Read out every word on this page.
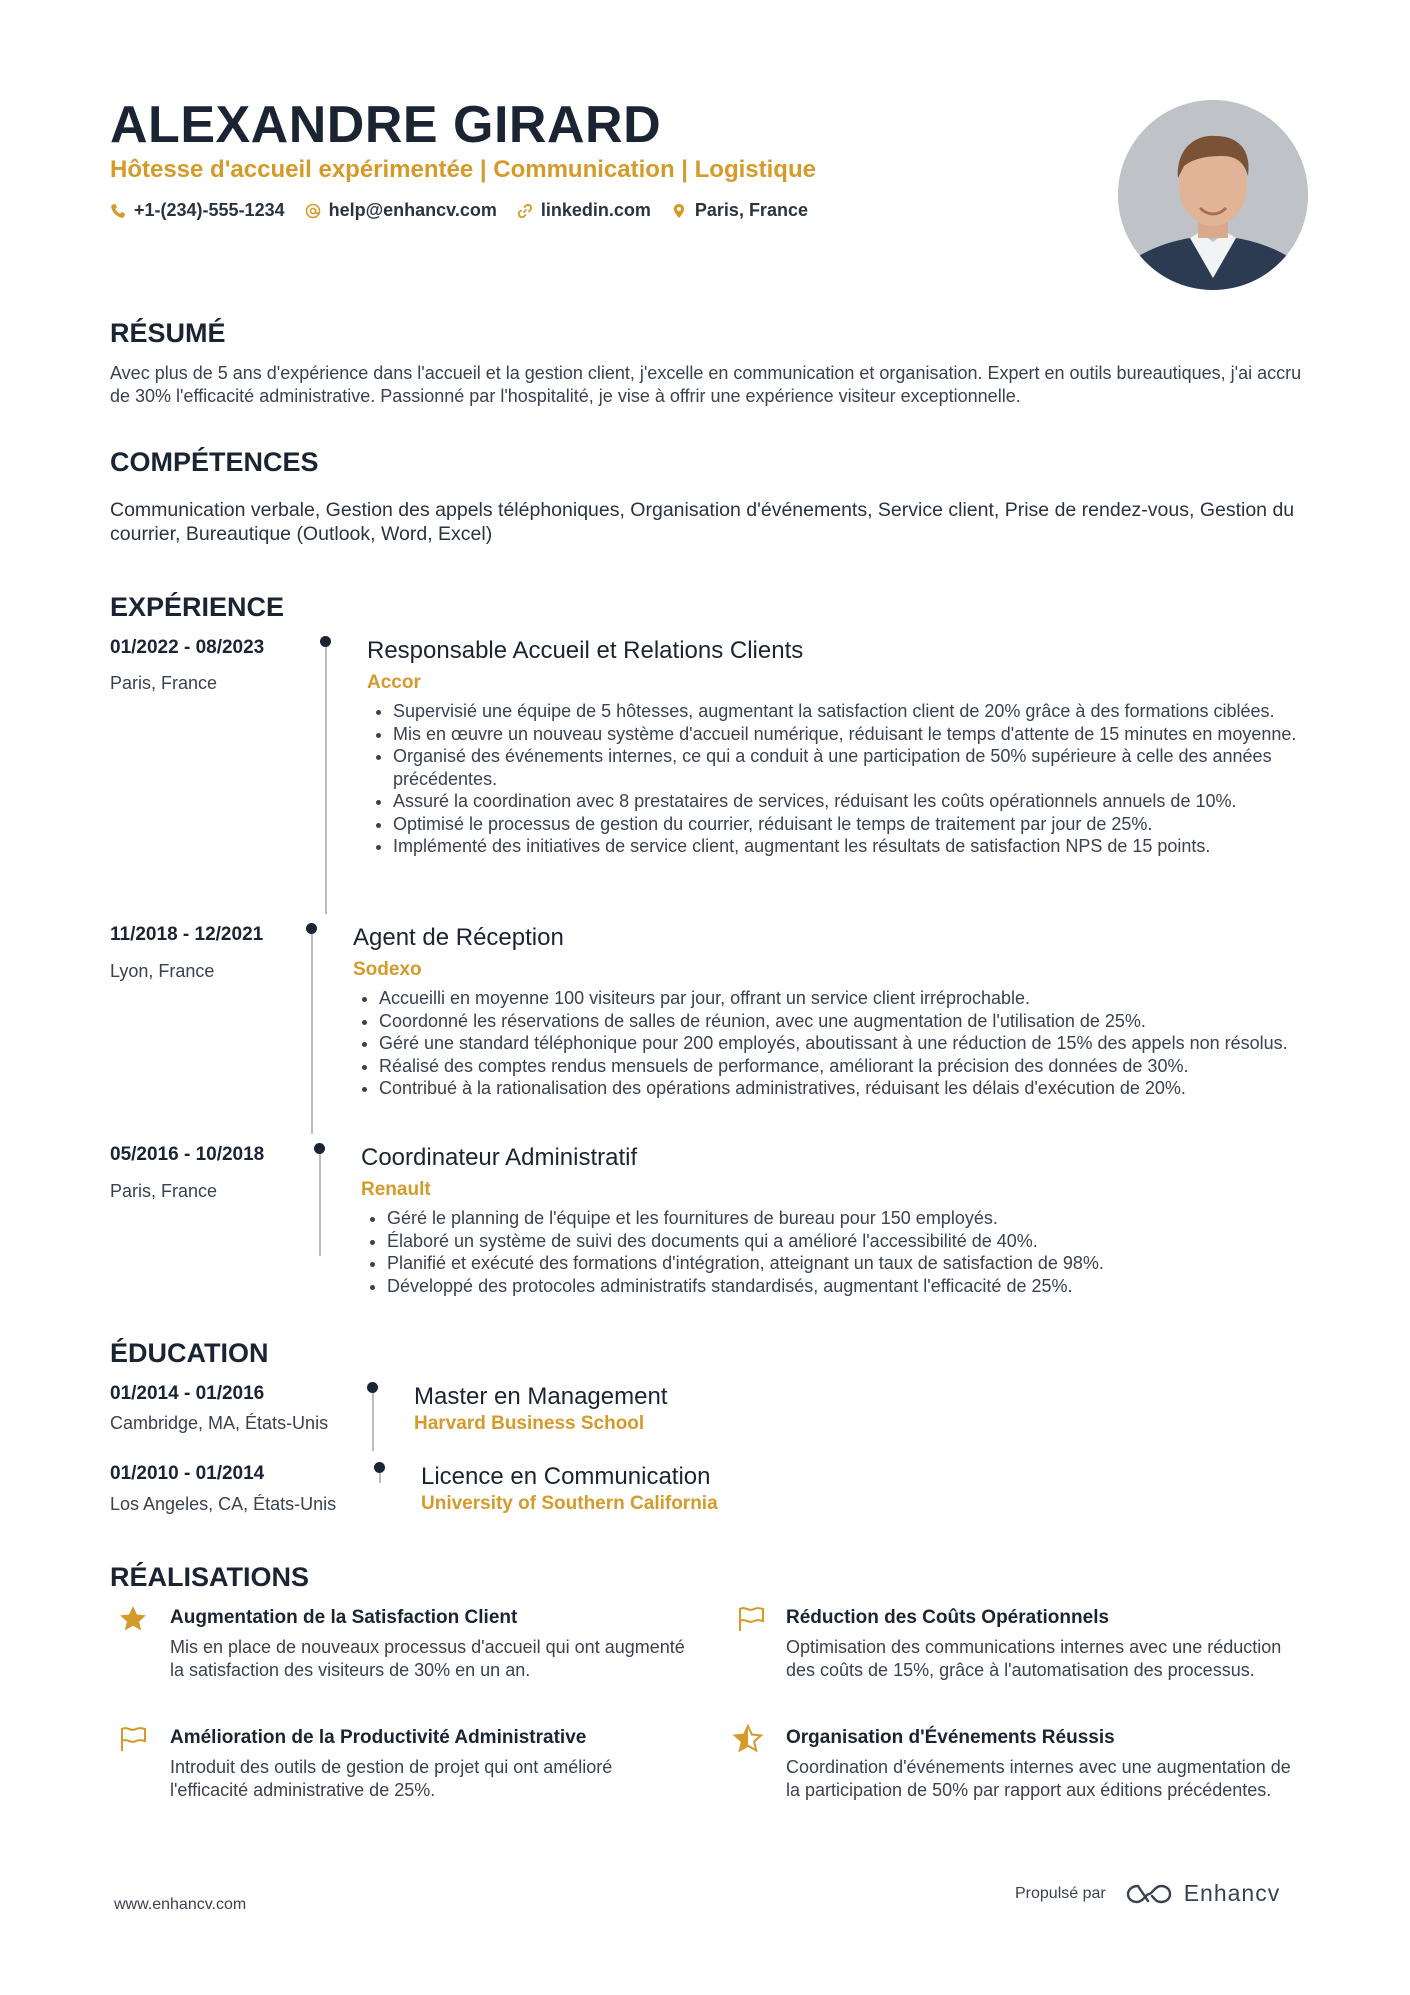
ALEXANDRE GIRARD
Hôtesse d'accueil expérimentée | Communication | Logistique
+1-(234)-555-1234 help@enhancv.com linkedin.com Paris, France
RÉSUMÉ
Avec plus de 5 ans d'expérience dans l'accueil et la gestion client, j'excelle en communication et organisation. Expert en outils bureautiques, j'ai accru de 30% l'efficacité administrative. Passionné par l'hospitalité, je vise à offrir une expérience visiteur exceptionnelle.
COMPÉTENCES
Communication verbale, Gestion des appels téléphoniques, Organisation d'événements, Service client, Prise de rendez-vous, Gestion du courrier, Bureautique (Outlook, Word, Excel)
EXPÉRIENCE
01/2022 - 08/2023
Paris, France
Responsable Accueil et Relations Clients
Accor
• Supervisié une équipe de 5 hôtesses, augmentant la satisfaction client de 20% grâce à des formations ciblées.
• Mis en œuvre un nouveau système d'accueil numérique, réduisant le temps d'attente de 15 minutes en moyenne.
• Organisé des événements internes, ce qui a conduit à une participation de 50% supérieure à celle des années précédentes.
• Assuré la coordination avec 8 prestataires de services, réduisant les coûts opérationnels annuels de 10%.
• Optimisé le processus de gestion du courrier, réduisant le temps de traitement par jour de 25%.
• Implémenté des initiatives de service client, augmentant les résultats de satisfaction NPS de 15 points.
11/2018 - 12/2021
Lyon, France
Agent de Réception
Sodexo
• Accueilli en moyenne 100 visiteurs par jour, offrant un service client irréprochable.
• Coordonné les réservations de salles de réunion, avec une augmentation de l'utilisation de 25%.
• Géré une standard téléphonique pour 200 employés, aboutissant à une réduction de 15% des appels non résolus.
• Réalisé des comptes rendus mensuels de performance, améliorant la précision des données de 30%.
• Contribué à la rationalisation des opérations administratives, réduisant les délais d'exécution de 20%.
05/2016 - 10/2018
Paris, France
Coordinateur Administratif
Renault
• Géré le planning de l'équipe et les fournitures de bureau pour 150 employés.
• Élaboré un système de suivi des documents qui a amélioré l'accessibilité de 40%.
• Planifié et exécuté des formations d'intégration, atteignant un taux de satisfaction de 98%.
• Développé des protocoles administratifs standardisés, augmentant l'efficacité de 25%.
ÉDUCATION
01/2014 - 01/2016
Cambridge, MA, États-Unis
Master en Management
Harvard Business School
01/2010 - 01/2014
Los Angeles, CA, États-Unis
Licence en Communication
University of Southern California
RÉALISATIONS
Augmentation de la Satisfaction Client
Mis en place de nouveaux processus d'accueil qui ont augmenté la satisfaction des visiteurs de 30% en un an.
Réduction des Coûts Opérationnels
Optimisation des communications internes avec une réduction des coûts de 15%, grâce à l'automatisation des processus.
Amélioration de la Productivité Administrative
Introduit des outils de gestion de projet qui ont amélioré l'efficacité administrative de 25%.
Organisation d'Événements Réussis
Coordination d'événements internes avec une augmentation de la participation de 50% par rapport aux éditions précédentes.
www.enhancv.com
Propulsé par	Enhancv
